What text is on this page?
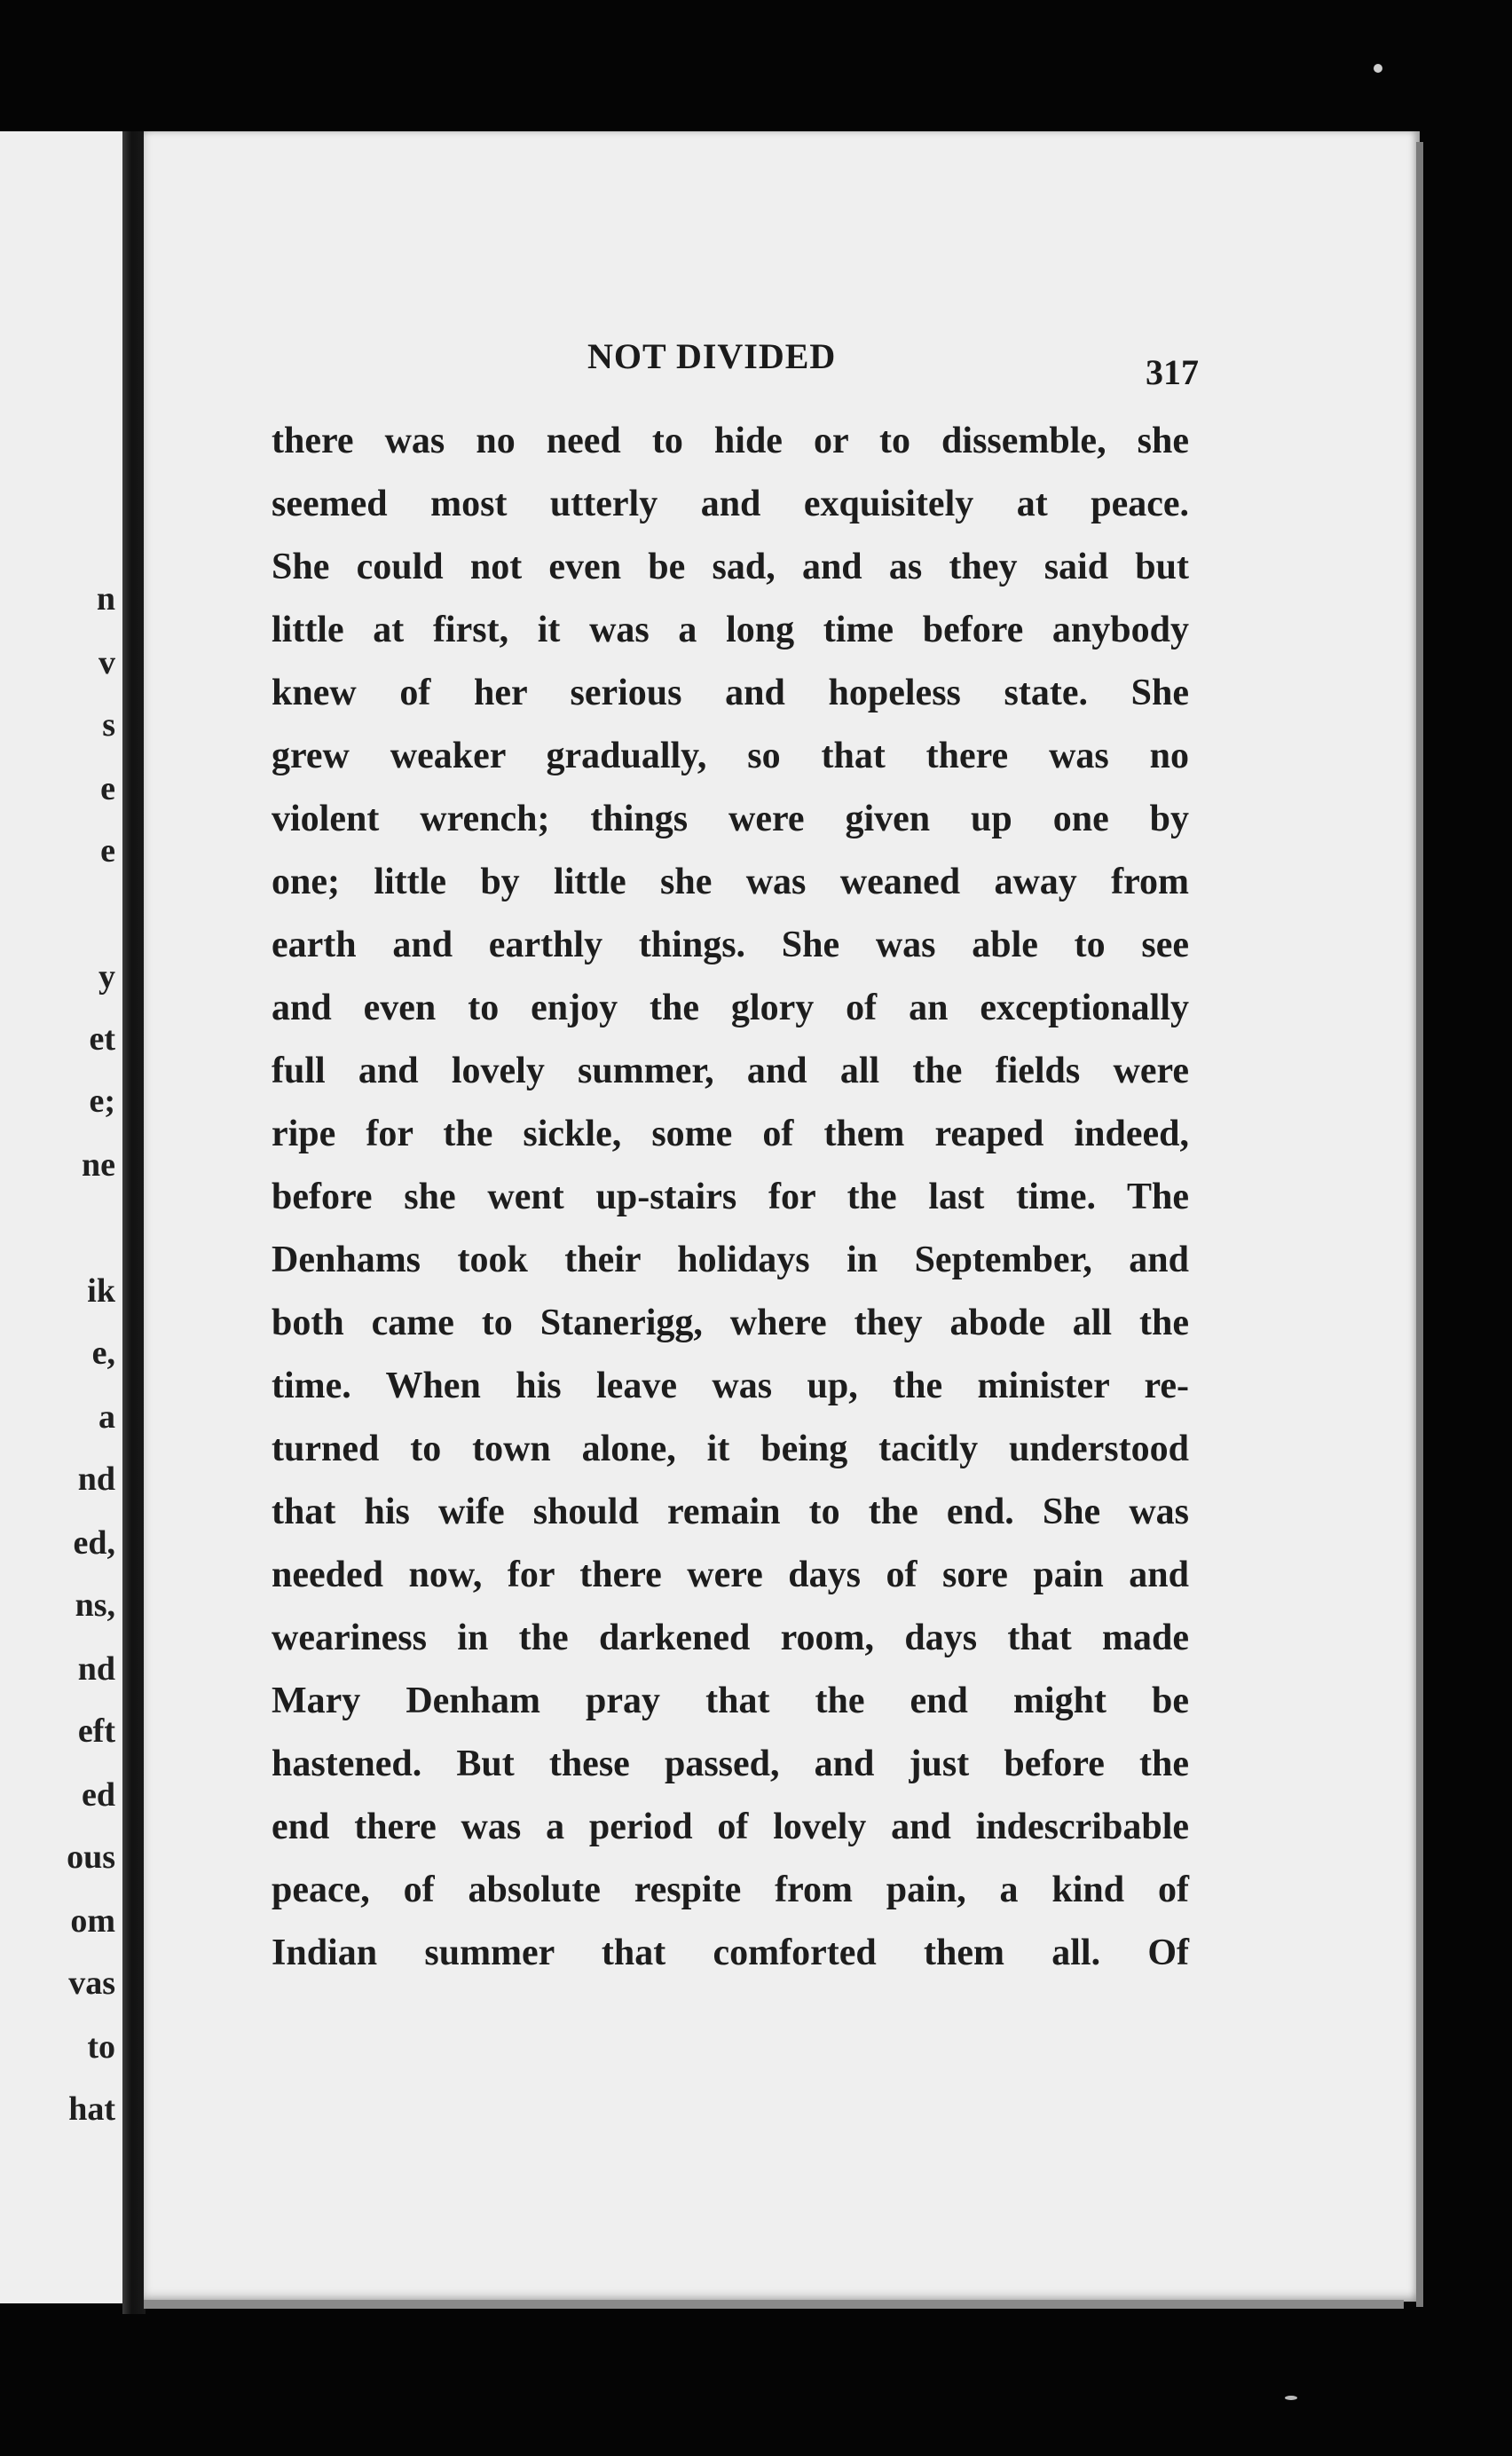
n
v
s
e
e
y
et
e;
ne
ik
e,
a
nd
ed,
ns,
nd
eft
ed
ous
om
vas
to
hat
NOT DIVIDED	317
there was no need to hide or to dissemble, she
seemed most utterly and exquisitely at peace.
She could not even be sad, and as they said but
little at first, it was a long time before anybody
knew of her serious and hopeless state. She
grew weaker gradually, so that there was no
violent wrench; things were given up one by
one; little by little she was weaned away from
earth and earthly things. She was able to see
and even to enjoy the glory of an exceptionally
full and lovely summer, and all the fields were
ripe for the sickle, some of them reaped indeed,
before she went up-stairs for the last time. The
Denhams took their holidays in September, and
both came to Stanerigg, where they abode all the
time. When his leave was up, the minister re-
turned to town alone, it being tacitly understood
that his wife should remain to the end. She was
needed now, for there were days of sore pain and
weariness in the darkened room, days that made
Mary Denham pray that the end might be
hastened. But these passed, and just before the
end there was a period of lovely and indescribable
peace, of absolute respite from pain, a kind of
Indian summer that comforted them all. Of
